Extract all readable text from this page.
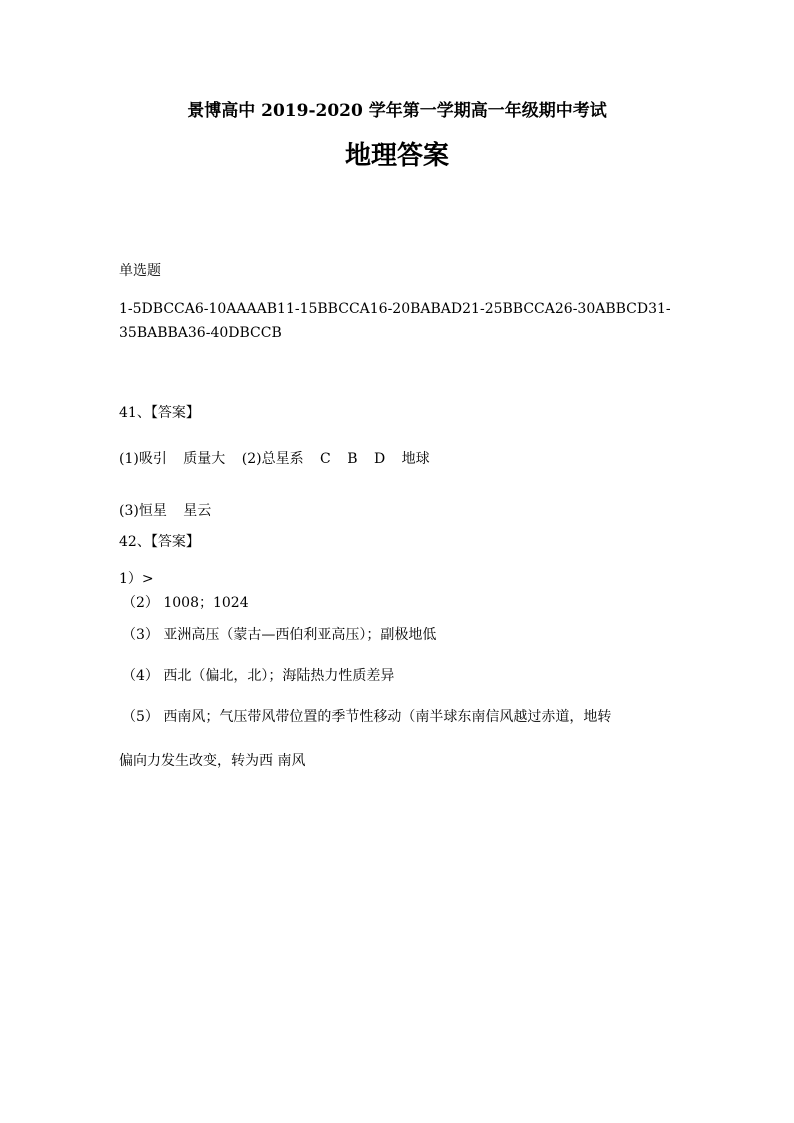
景博高中 2019-2020 学年第一学期高一年级期中考试
地理答案
单选题
1-5DBCCA6-10AAAAB11-15BBCCA16-20BABAD21-25BBCCA26-30ABBCD31-
35BABBA36-40DBCCB
41、【答案】
(1)吸引 质量大 (2)总星系 C B D 地球
(3)恒星 星云
42、【答案】
1）>
（2） 1008；1024
（3） 亚洲高压（蒙古—西伯利亚高压）；副极地低
（4） 西北（偏北，北）；海陆热力性质差异
（5） 西南风；气压带风带位置的季节性移动（南半球东南信风越过赤道，地转
偏向力发生改变，转为西 南风
